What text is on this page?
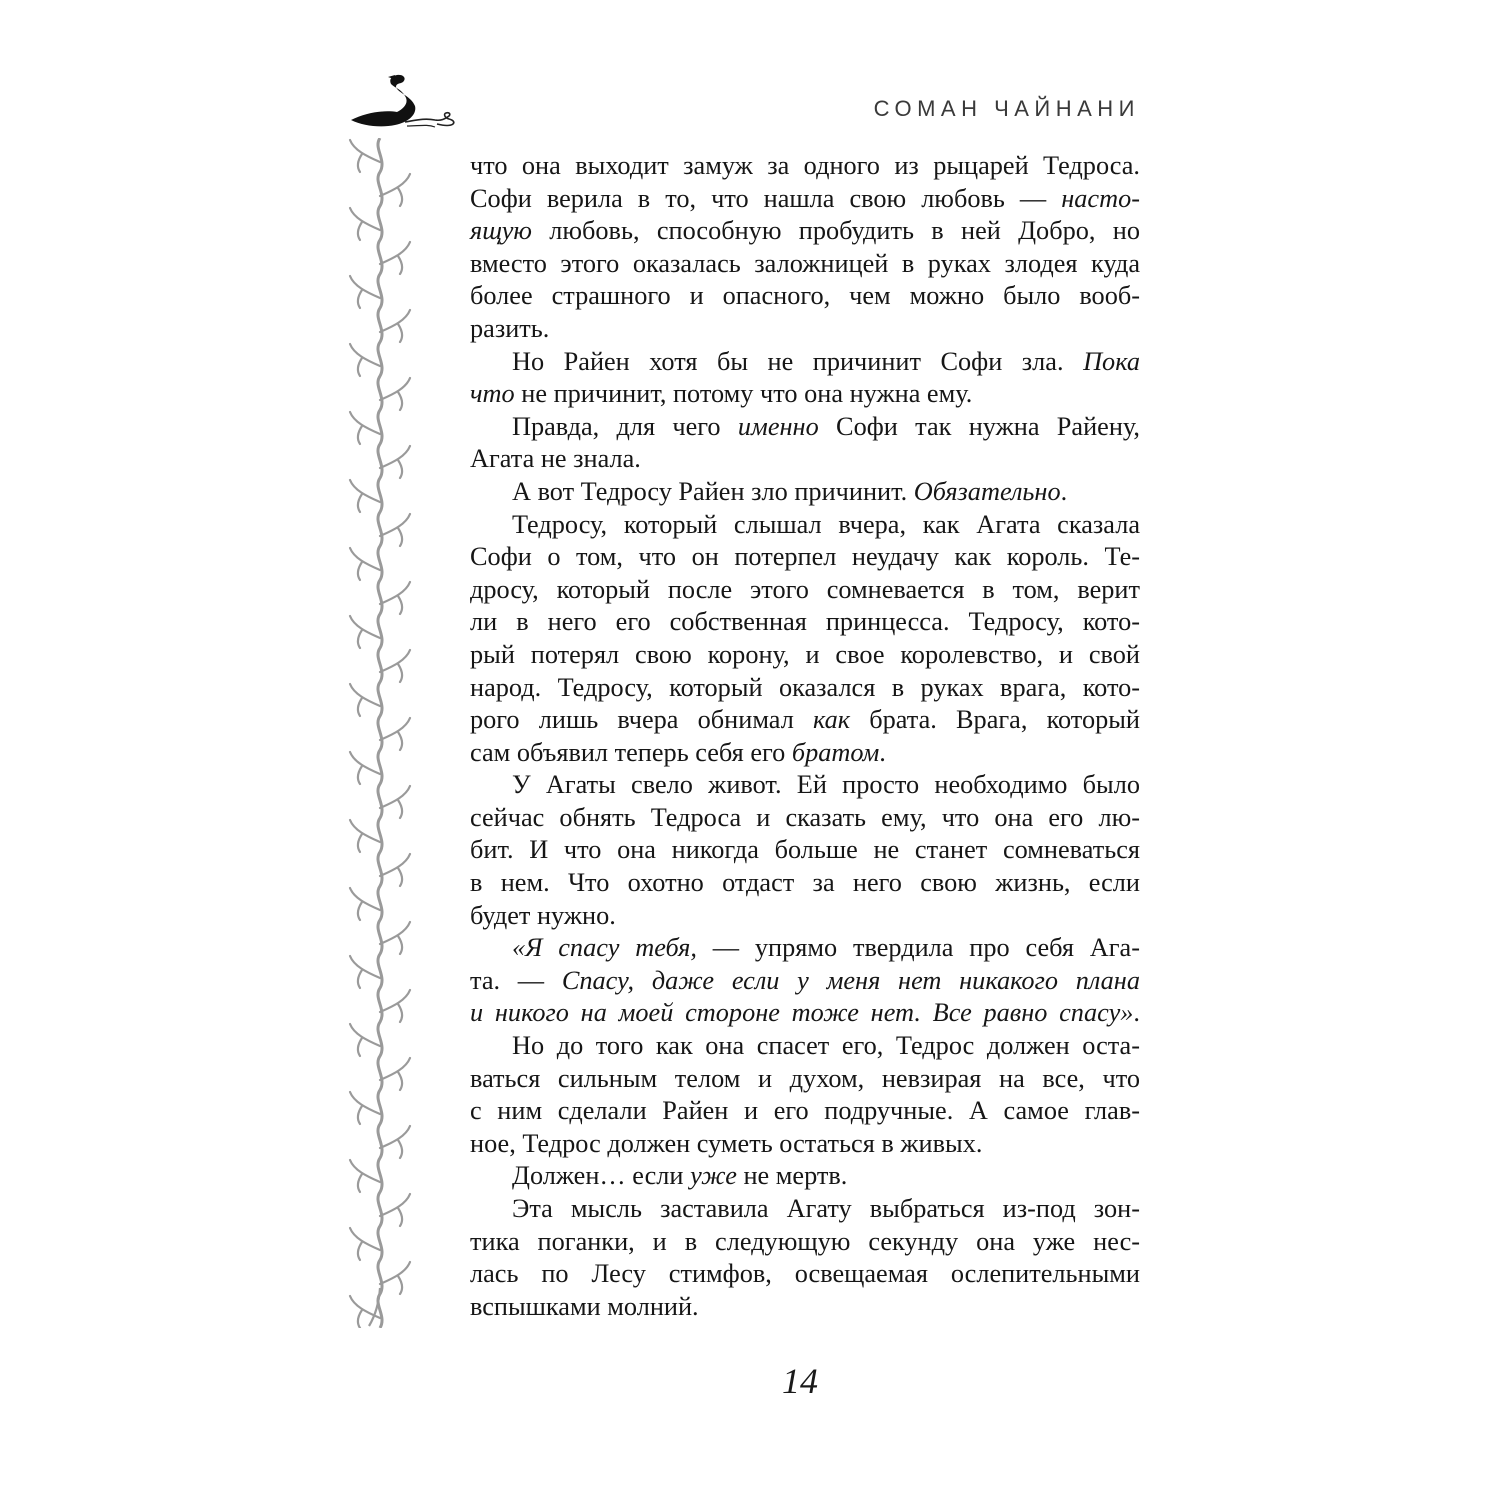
СОМАН ЧАЙНАНИ
что она выходит замуж за одного из рыцарей Тедроса.
Софи верила в то, что нашла свою любовь — насто-
ящую любовь, способную пробудить в ней Добро, но
вместо этого оказалась заложницей в руках злодея куда
более страшного и опасного, чем можно было вооб-
разить.
Но Райен хотя бы не причинит Софи зла. Пока
что не причинит, потому что она нужна ему.
Правда, для чего именно Софи так нужна Райену,
Агата не знала.
А вот Тедросу Райен зло причинит. Обязательно.
Тедросу, который слышал вчера, как Агата сказала
Софи о том, что он потерпел неудачу как король. Те-
дросу, который после этого сомневается в том, верит
ли в него его собственная принцесса. Тедросу, кото-
рый потерял свою корону, и свое королевство, и свой
народ. Тедросу, который оказался в руках врага, кото-
рого лишь вчера обнимал как брата. Врага, который
сам объявил теперь себя его братом.
У Агаты свело живот. Ей просто необходимо было
сейчас обнять Тедроса и сказать ему, что она его лю-
бит. И что она никогда больше не станет сомневаться
в нем. Что охотно отдаст за него свою жизнь, если
будет нужно.
«Я спасу тебя, — упрямо твердила про себя Ага-
та. — Спасу, даже если у меня нет никакого плана
и никого на моей стороне тоже нет. Все равно спасу».
Но до того как она спасет его, Тедрос должен оста-
ваться сильным телом и духом, невзирая на все, что
с ним сделали Райен и его подручные. А самое глав-
ное, Тедрос должен суметь остаться в живых.
Должен… если уже не мертв.
Эта мысль заставила Агату выбраться из-под зон-
тика поганки, и в следующую секунду она уже нес-
лась по Лесу стимфов, освещаемая ослепительными
вспышками молний.
14
